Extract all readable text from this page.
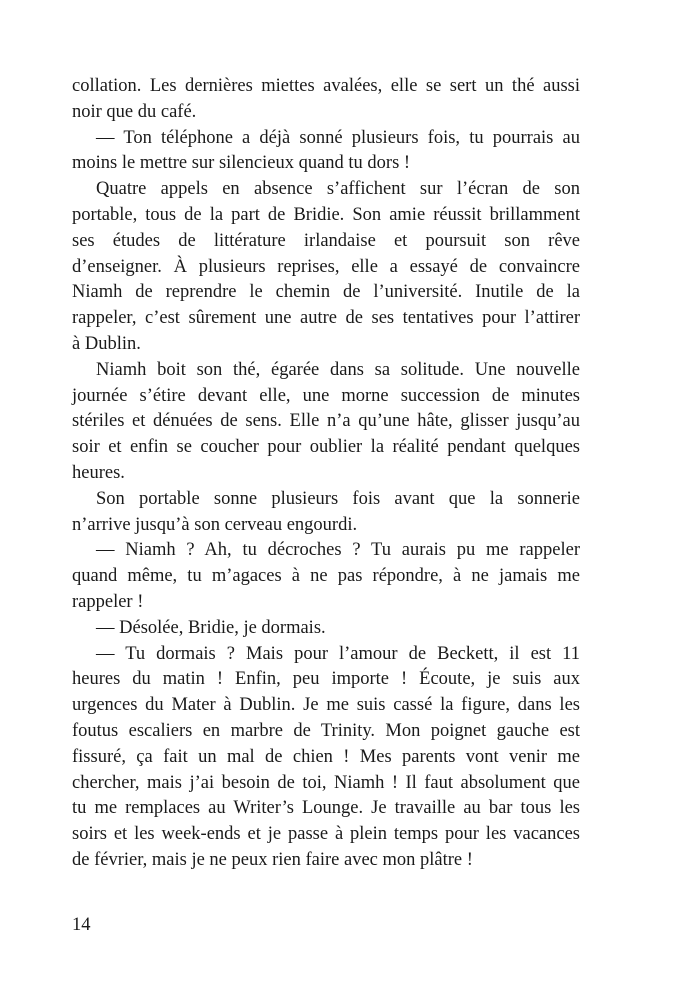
collation. Les dernières miettes avalées, elle se sert un thé aussi
noir que du café.
— Ton téléphone a déjà sonné plusieurs fois, tu pourrais au
moins le mettre sur silencieux quand tu dors !
Quatre appels en absence s’affichent sur l’écran de son
portable, tous de la part de Bridie. Son amie réussit brillamment
ses études de littérature irlandaise et poursuit son rêve
d’enseigner. À plusieurs reprises, elle a essayé de convaincre
Niamh de reprendre le chemin de l’université. Inutile de la
rappeler, c’est sûrement une autre de ses tentatives pour l’attirer
à Dublin.
Niamh boit son thé, égarée dans sa solitude. Une nouvelle
journée s’étire devant elle, une morne succession de minutes
stériles et dénuées de sens. Elle n’a qu’une hâte, glisser jusqu’au
soir et enfin se coucher pour oublier la réalité pendant quelques
heures.
Son portable sonne plusieurs fois avant que la sonnerie
n’arrive jusqu’à son cerveau engourdi.
— Niamh ? Ah, tu décroches ? Tu aurais pu me rappeler
quand même, tu m’agaces à ne pas répondre, à ne jamais me
rappeler !
— Désolée, Bridie, je dormais.
— Tu dormais ? Mais pour l’amour de Beckett, il est 11
heures du matin ! Enfin, peu importe ! Écoute, je suis aux
urgences du Mater à Dublin. Je me suis cassé la figure, dans les
foutus escaliers en marbre de Trinity. Mon poignet gauche est
fissuré, ça fait un mal de chien ! Mes parents vont venir me
chercher, mais j’ai besoin de toi, Niamh ! Il faut absolument que
tu me remplaces au Writer’s Lounge. Je travaille au bar tous les
soirs et les week-ends et je passe à plein temps pour les vacances
de février, mais je ne peux rien faire avec mon plâtre !
14
